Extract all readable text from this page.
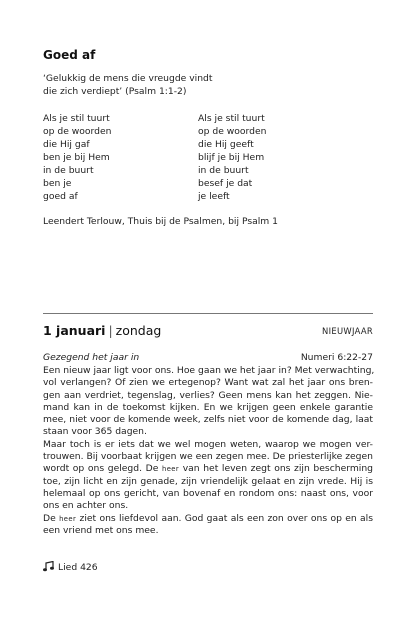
Goed af
‘Gelukkig de mens die vreugde vindt
die zich verdiept’ (Psalm 1:1-2)
Als je stil tuurt
op de woorden
die Hij gaf
ben je bij Hem
in de buurt
ben je
goed af
Als je stil tuurt
op de woorden
die Hij geeft
blijf je bij Hem
in de buurt
besef je dat
je leeft
Leendert Terlouw, Thuis bij de Psalmen, bij Psalm 1
1 januari | zondag	NIEUWJAAR
Gezegend het jaar in	Numeri 6:22-27
Een nieuw jaar ligt voor ons. Hoe gaan we het jaar in? Met verwachting,
vol verlangen? Of zien we ertegenop? Want wat zal het jaar ons bren-
gen aan verdriet, tegenslag, verlies? Geen mens kan het zeggen. Nie-
mand kan in de toekomst kijken. En we krijgen geen enkele garantie
mee, niet voor de komende week, zelfs niet voor de komende dag, laat
staan voor 365 dagen.
Maar toch is er iets dat we wel mogen weten, waarop we mogen ver-
trouwen. Bij voorbaat krijgen we een zegen mee. De priesterlijke zegen
wordt op ons gelegd. De heer van het leven zegt ons zijn bescherming
toe, zijn licht en zijn genade, zijn vriendelijk gelaat en zijn vrede. Hij is
helemaal op ons gericht, van bovenaf en rondom ons: naast ons, voor
ons en achter ons.
De heer ziet ons liefdevol aan. God gaat als een zon over ons op en als
een vriend met ons mee.
Lied 426
